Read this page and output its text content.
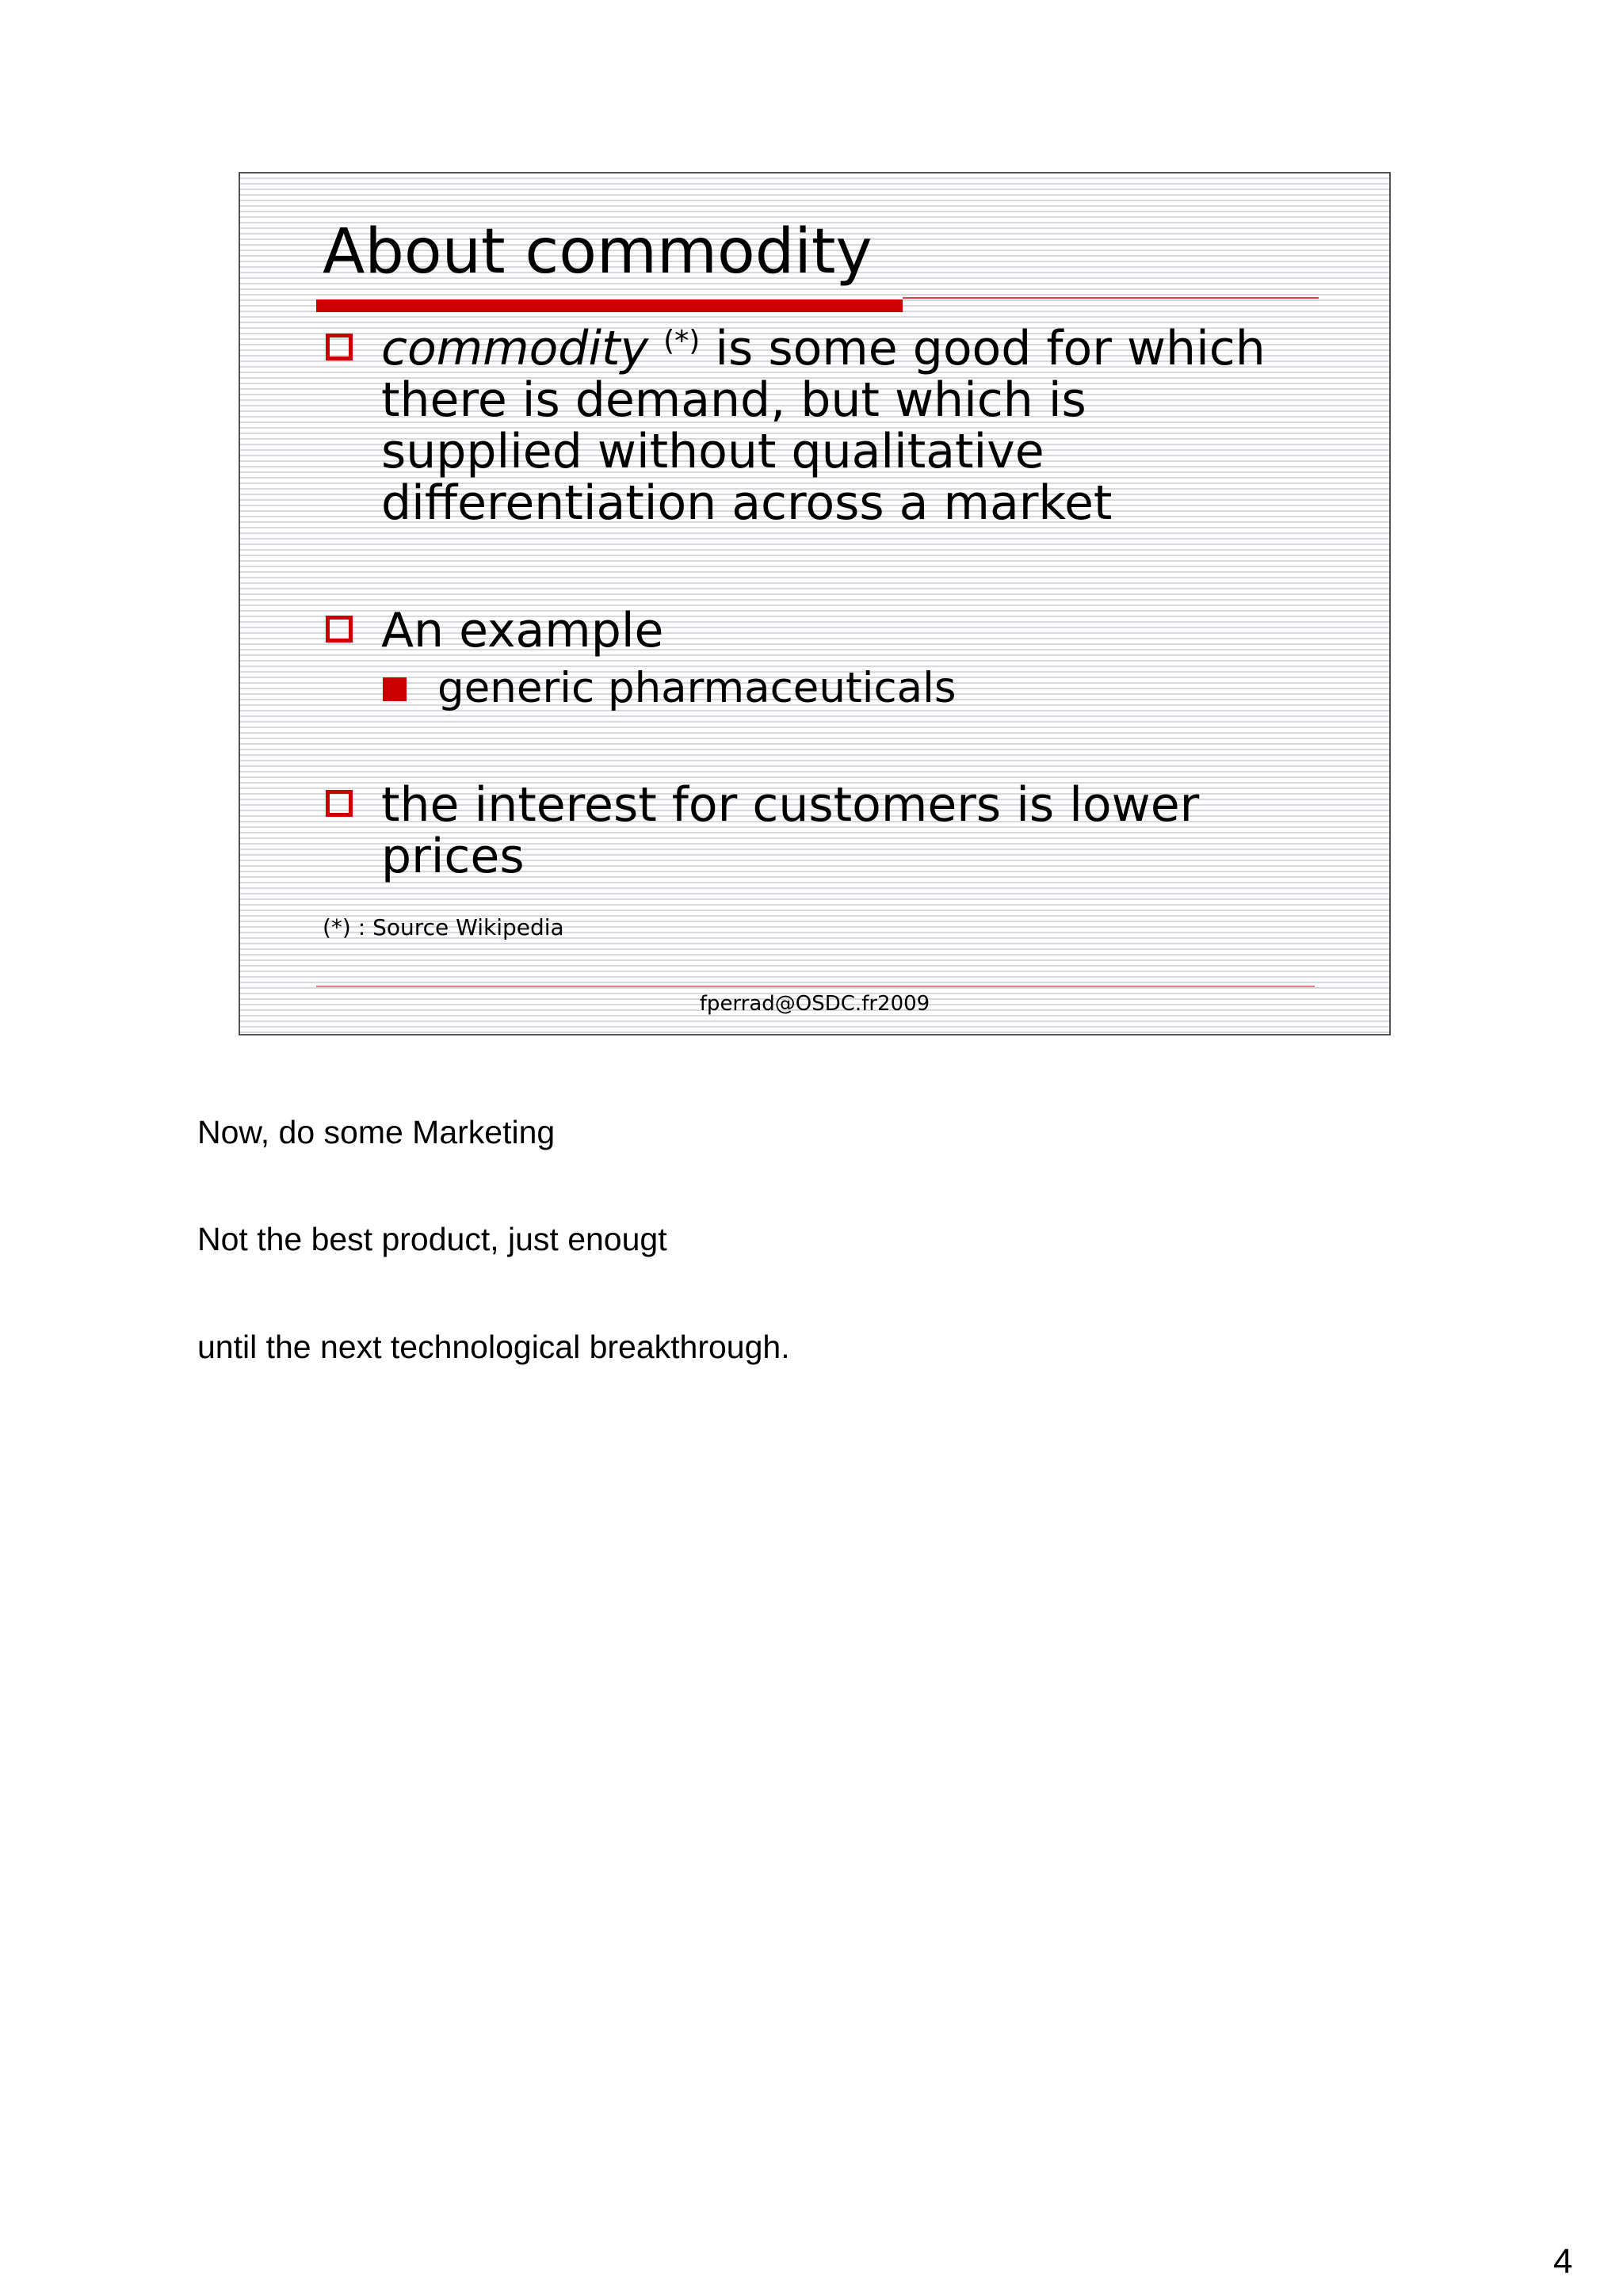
About commodity
commodity (*) is some good for which
there is demand, but which is
supplied without qualitative
differentiation across a market
An example
generic pharmaceuticals
the interest for customers is lower
prices
(*) : Source Wikipedia
fperrad@OSDC.fr2009
Now, do some Marketing
Not the best product, just enougt
until the next technological breakthrough.
4
